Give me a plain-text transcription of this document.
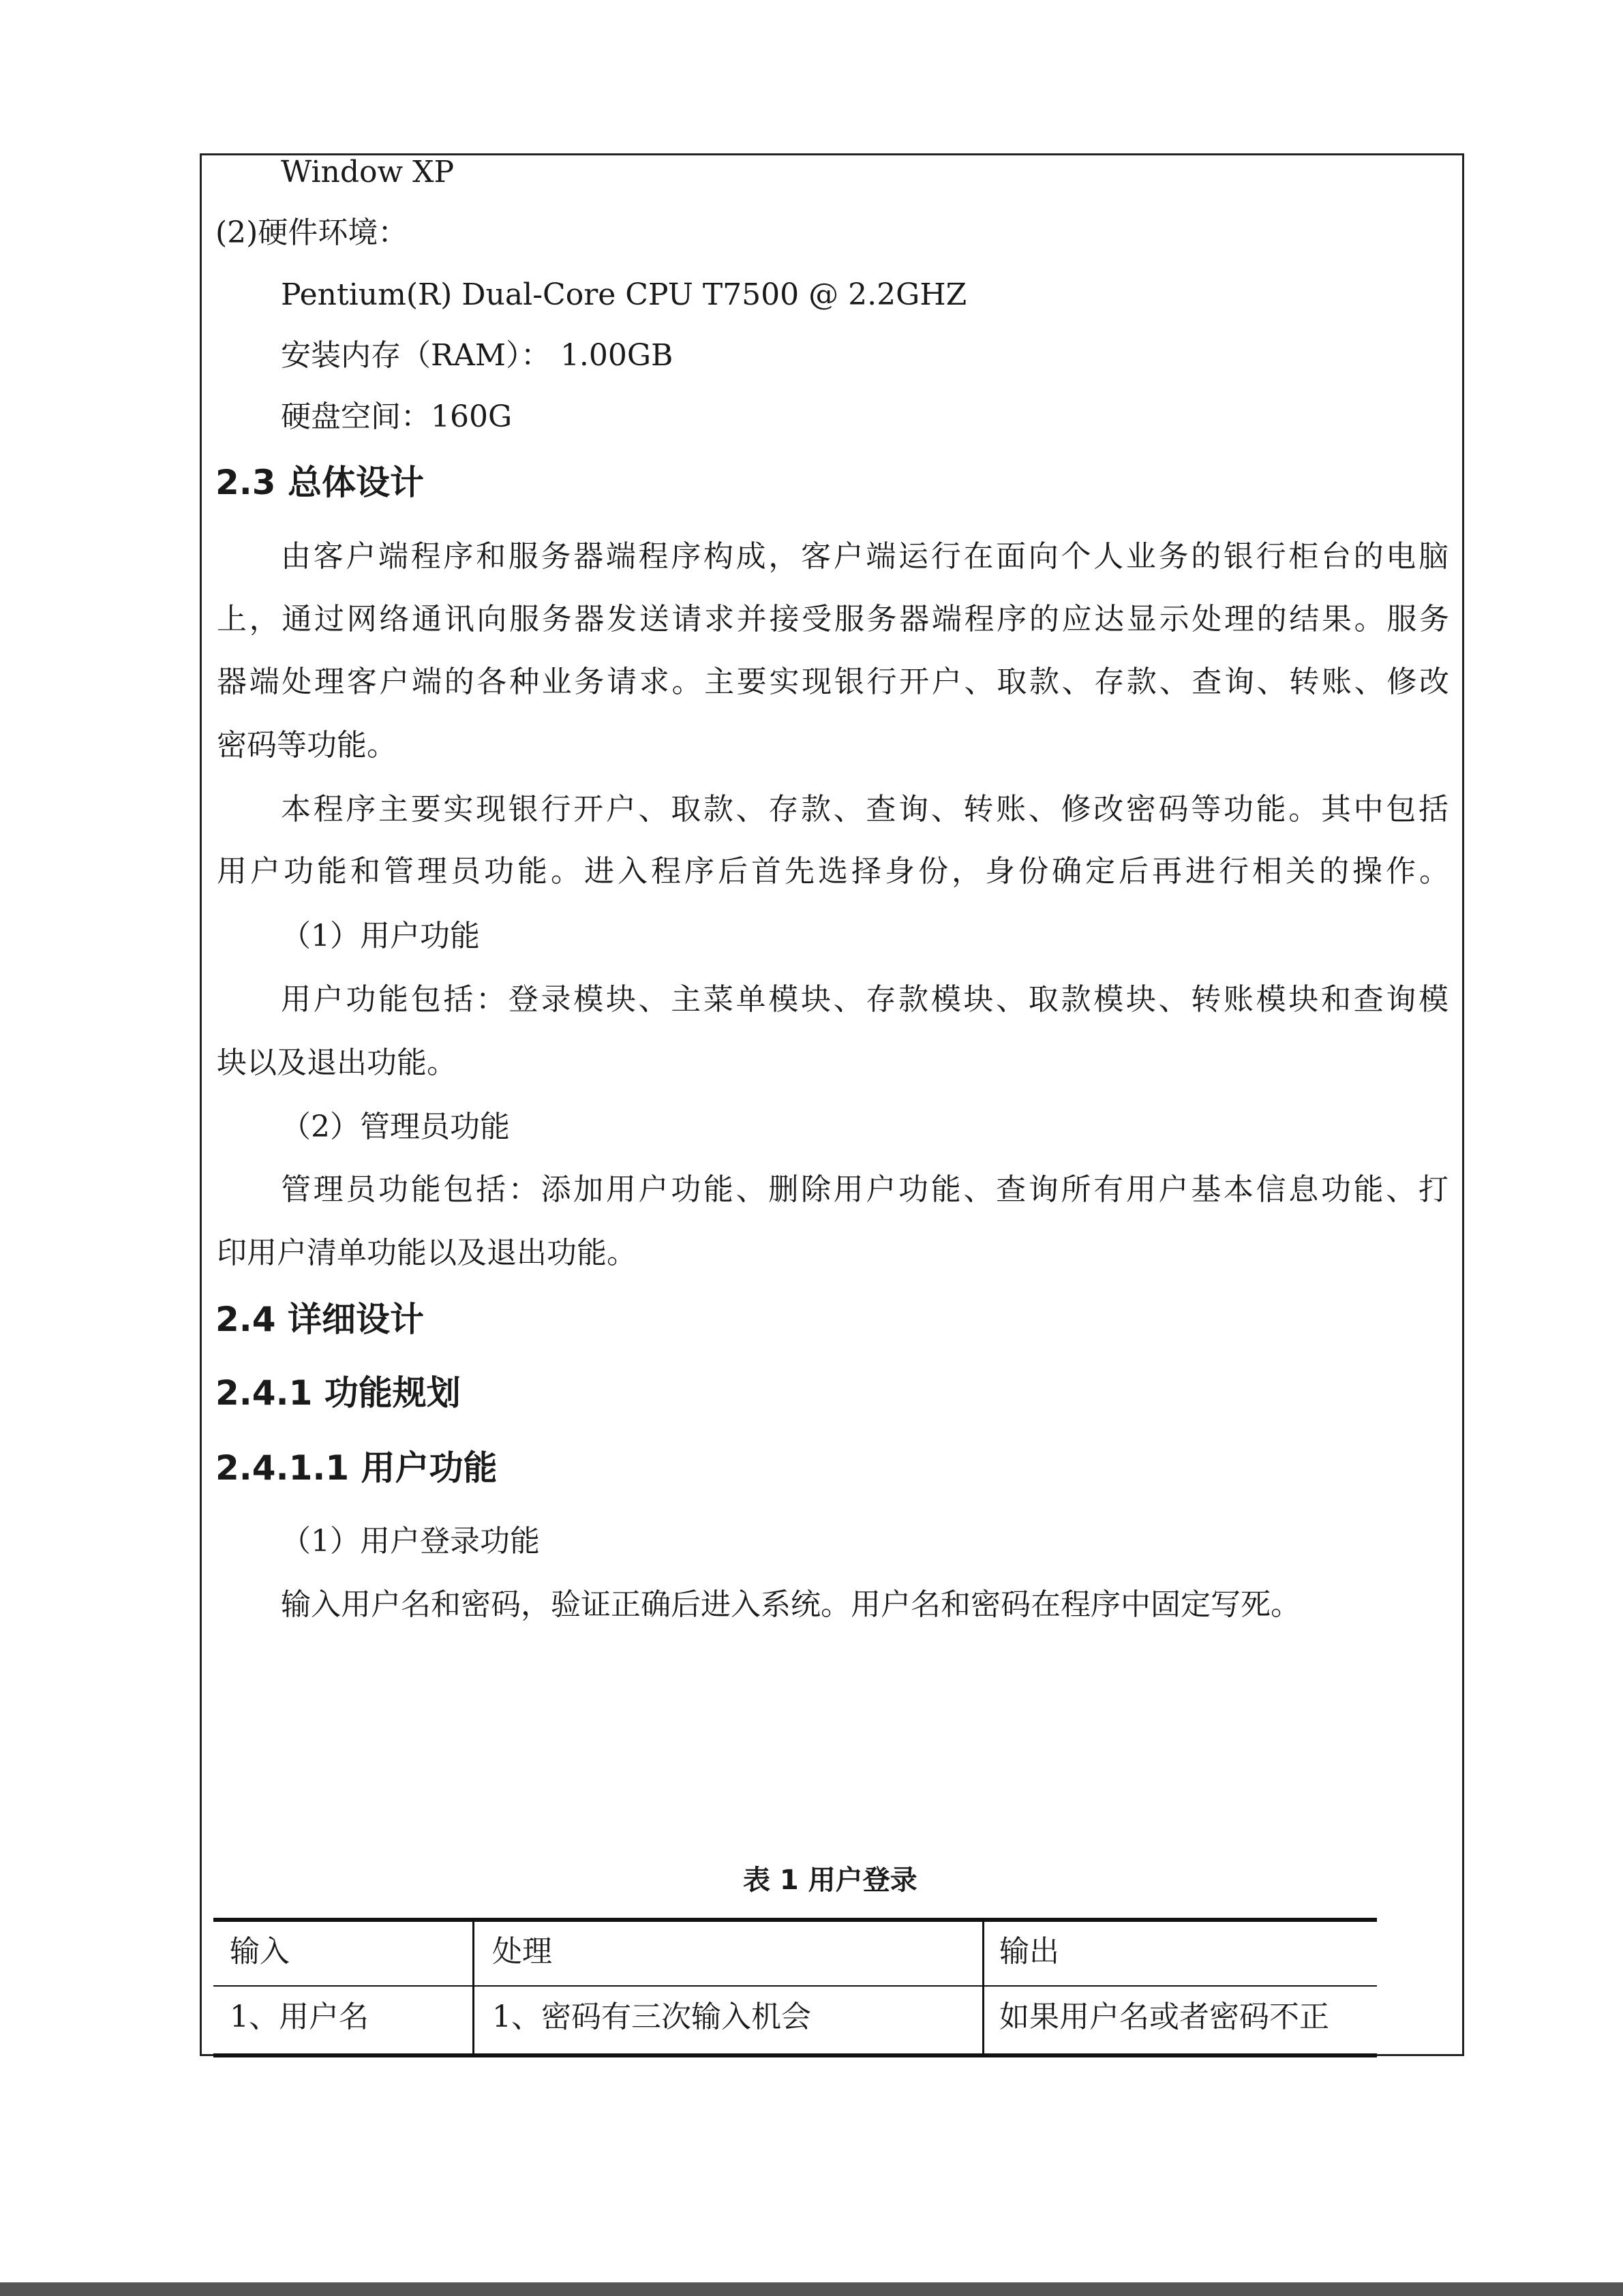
Window XP
(2)硬件环境：
Pentium(R) Dual-Core CPU T7500 @ 2.2GHZ
安装内存（RAM）： 1.00GB
硬盘空间：160G
2.3 总体设计
由客户端程序和服务器端程序构成，客户端运行在面向个人业务的银行柜台的电脑
上，通过网络通讯向服务器发送请求并接受服务器端程序的应达显示处理的结果。服务
器端处理客户端的各种业务请求。主要实现银行开户、取款、存款、查询、转账、修改
密码等功能。
本程序主要实现银行开户、取款、存款、查询、转账、修改密码等功能。其中包括
用户功能和管理员功能。进入程序后首先选择身份，身份确定后再进行相关的操作。
（1）用户功能
用户功能包括：登录模块、主菜单模块、存款模块、取款模块、转账模块和查询模
块以及退出功能。
（2）管理员功能
管理员功能包括：添加用户功能、删除用户功能、查询所有用户基本信息功能、打
印用户清单功能以及退出功能。
2.4 详细设计
2.4.1 功能规划
2.4.1.1 用户功能
（1）用户登录功能
输入用户名和密码，验证正确后进入系统。用户名和密码在程序中固定写死。
表 1 用户登录
输入	处理	输出
1、用户名	1、密码有三次输入机会	如果用户名或者密码不正
